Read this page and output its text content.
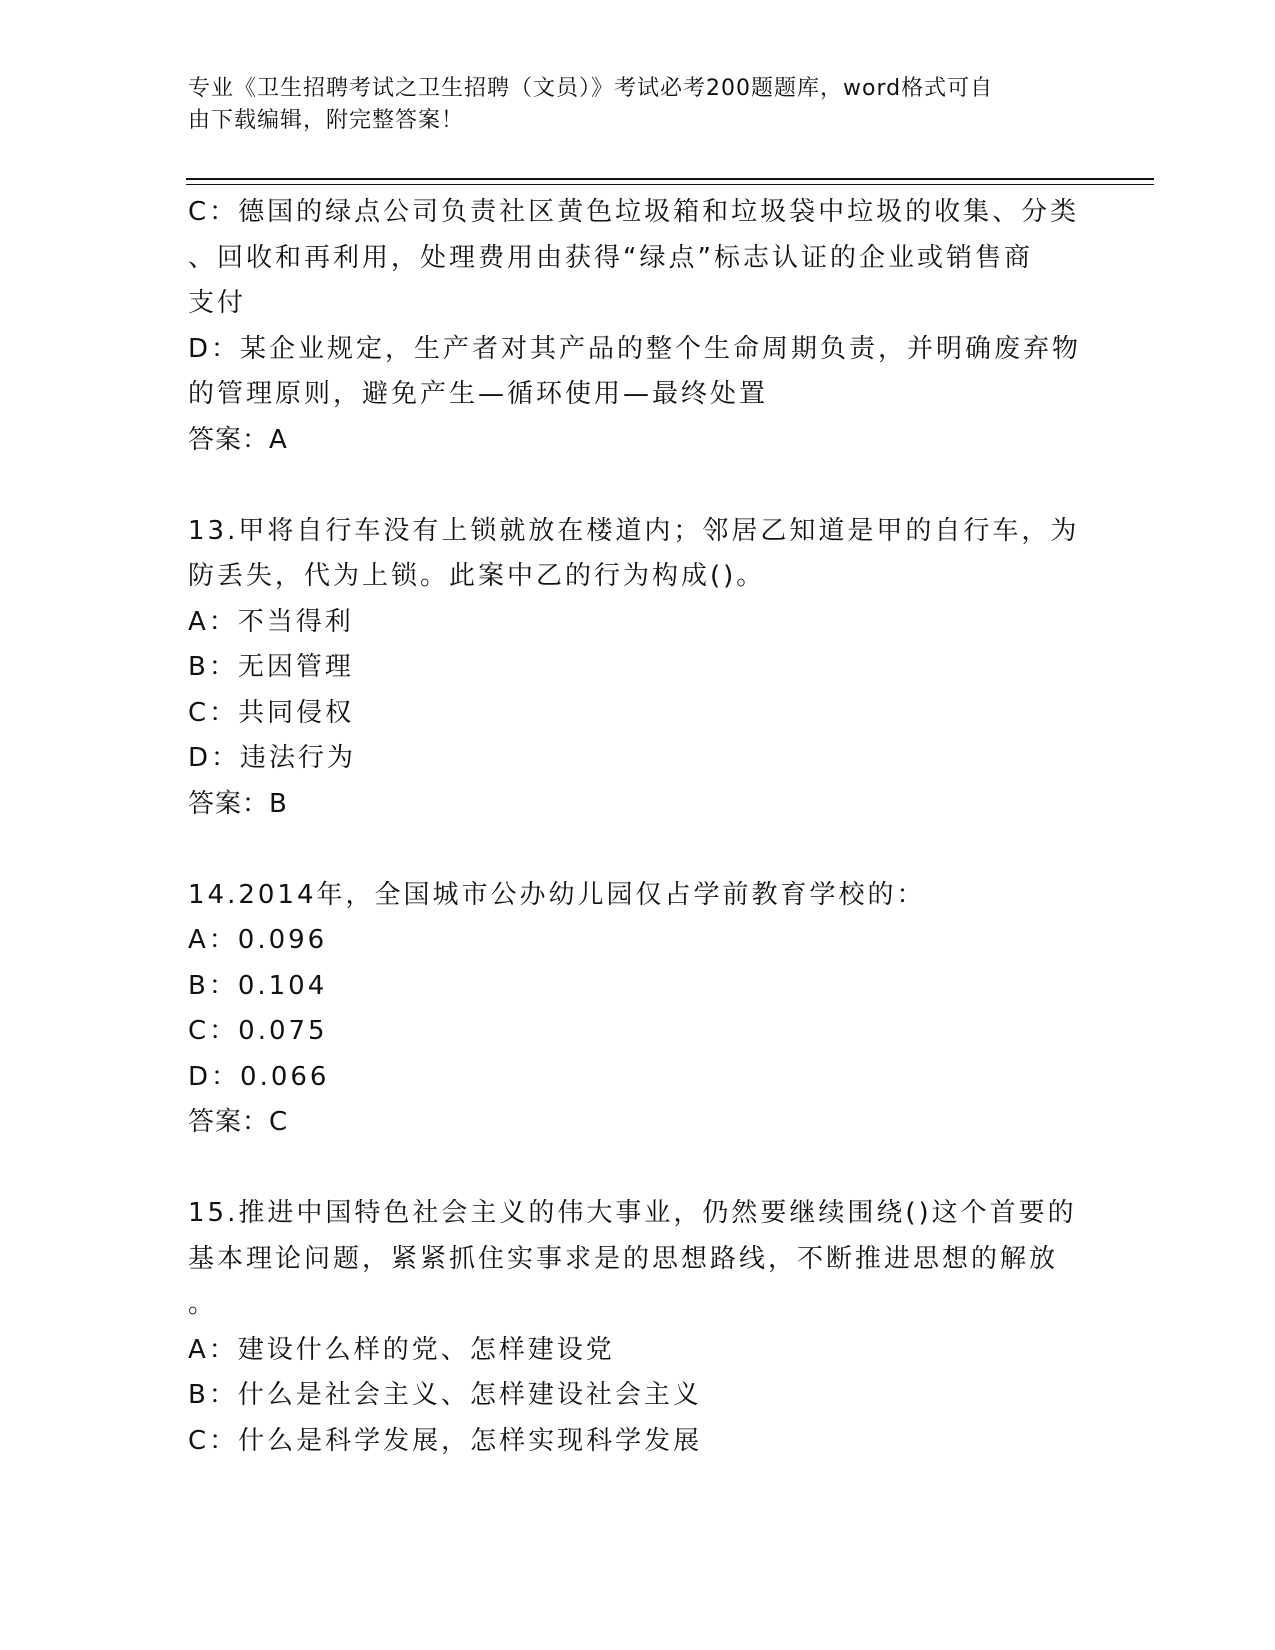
专业《卫生招聘考试之卫生招聘（文员）》考试必考200题题库，word格式可自
由下载编辑，附完整答案！

C：德国的绿点公司负责社区黄色垃圾箱和垃圾袋中垃圾的收集、分类

、回收和再利用，处理费用由获得“绿点”标志认证的企业或销售商

支付

D：某企业规定，生产者对其产品的整个生命周期负责，并明确废弃物

的管理原则，避免产生—循环使用—最终处置

答案：A

13.甲将自行车没有上锁就放在楼道内；邻居乙知道是甲的自行车，为

防丢失，代为上锁。此案中乙的行为构成()。

A：不当得利

B：无因管理

C：共同侵权

D：违法行为

答案：B

14.2014年，全国城市公办幼儿园仅占学前教育学校的：

A：0.096

B：0.104

C：0.075

D：0.066

答案：C

15.推进中国特色社会主义的伟大事业，仍然要继续围绕()这个首要的

基本理论问题，紧紧抓住实事求是的思想路线，不断推进思想的解放

。

A：建设什么样的党、怎样建设党

B：什么是社会主义、怎样建设社会主义

C：什么是科学发展，怎样实现科学发展
